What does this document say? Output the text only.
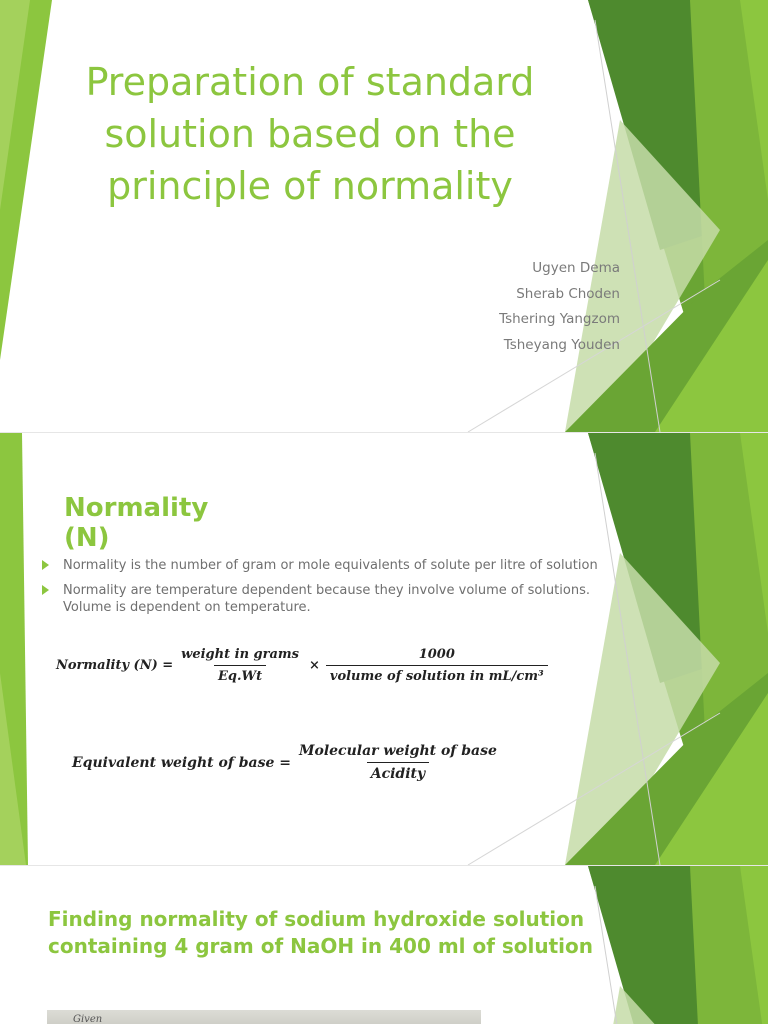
Preparation of standard solution based on the principle of normality
Ugyen Dema
Sherab Choden
Tshering Yangzom
Tsheyang Youden
Normality (N)
Normality is the number of gram or mole equivalents of solute per litre of solution
Normality are temperature dependent because they involve volume of solutions. Volume is dependent on temperature.
Normality $(N) = \frac{\text{weight in grams}}{Eq.Wt} \times \frac{1000}{\text{volume of solution in mL/cm³}}$
Equivalent weight of base = $\frac{\text{Molecular weight of base}}{\text{Acidity}}$
Finding normality of sodium hydroxide solution containing 4 gram of NaOH in 400 ml of solution
Given
